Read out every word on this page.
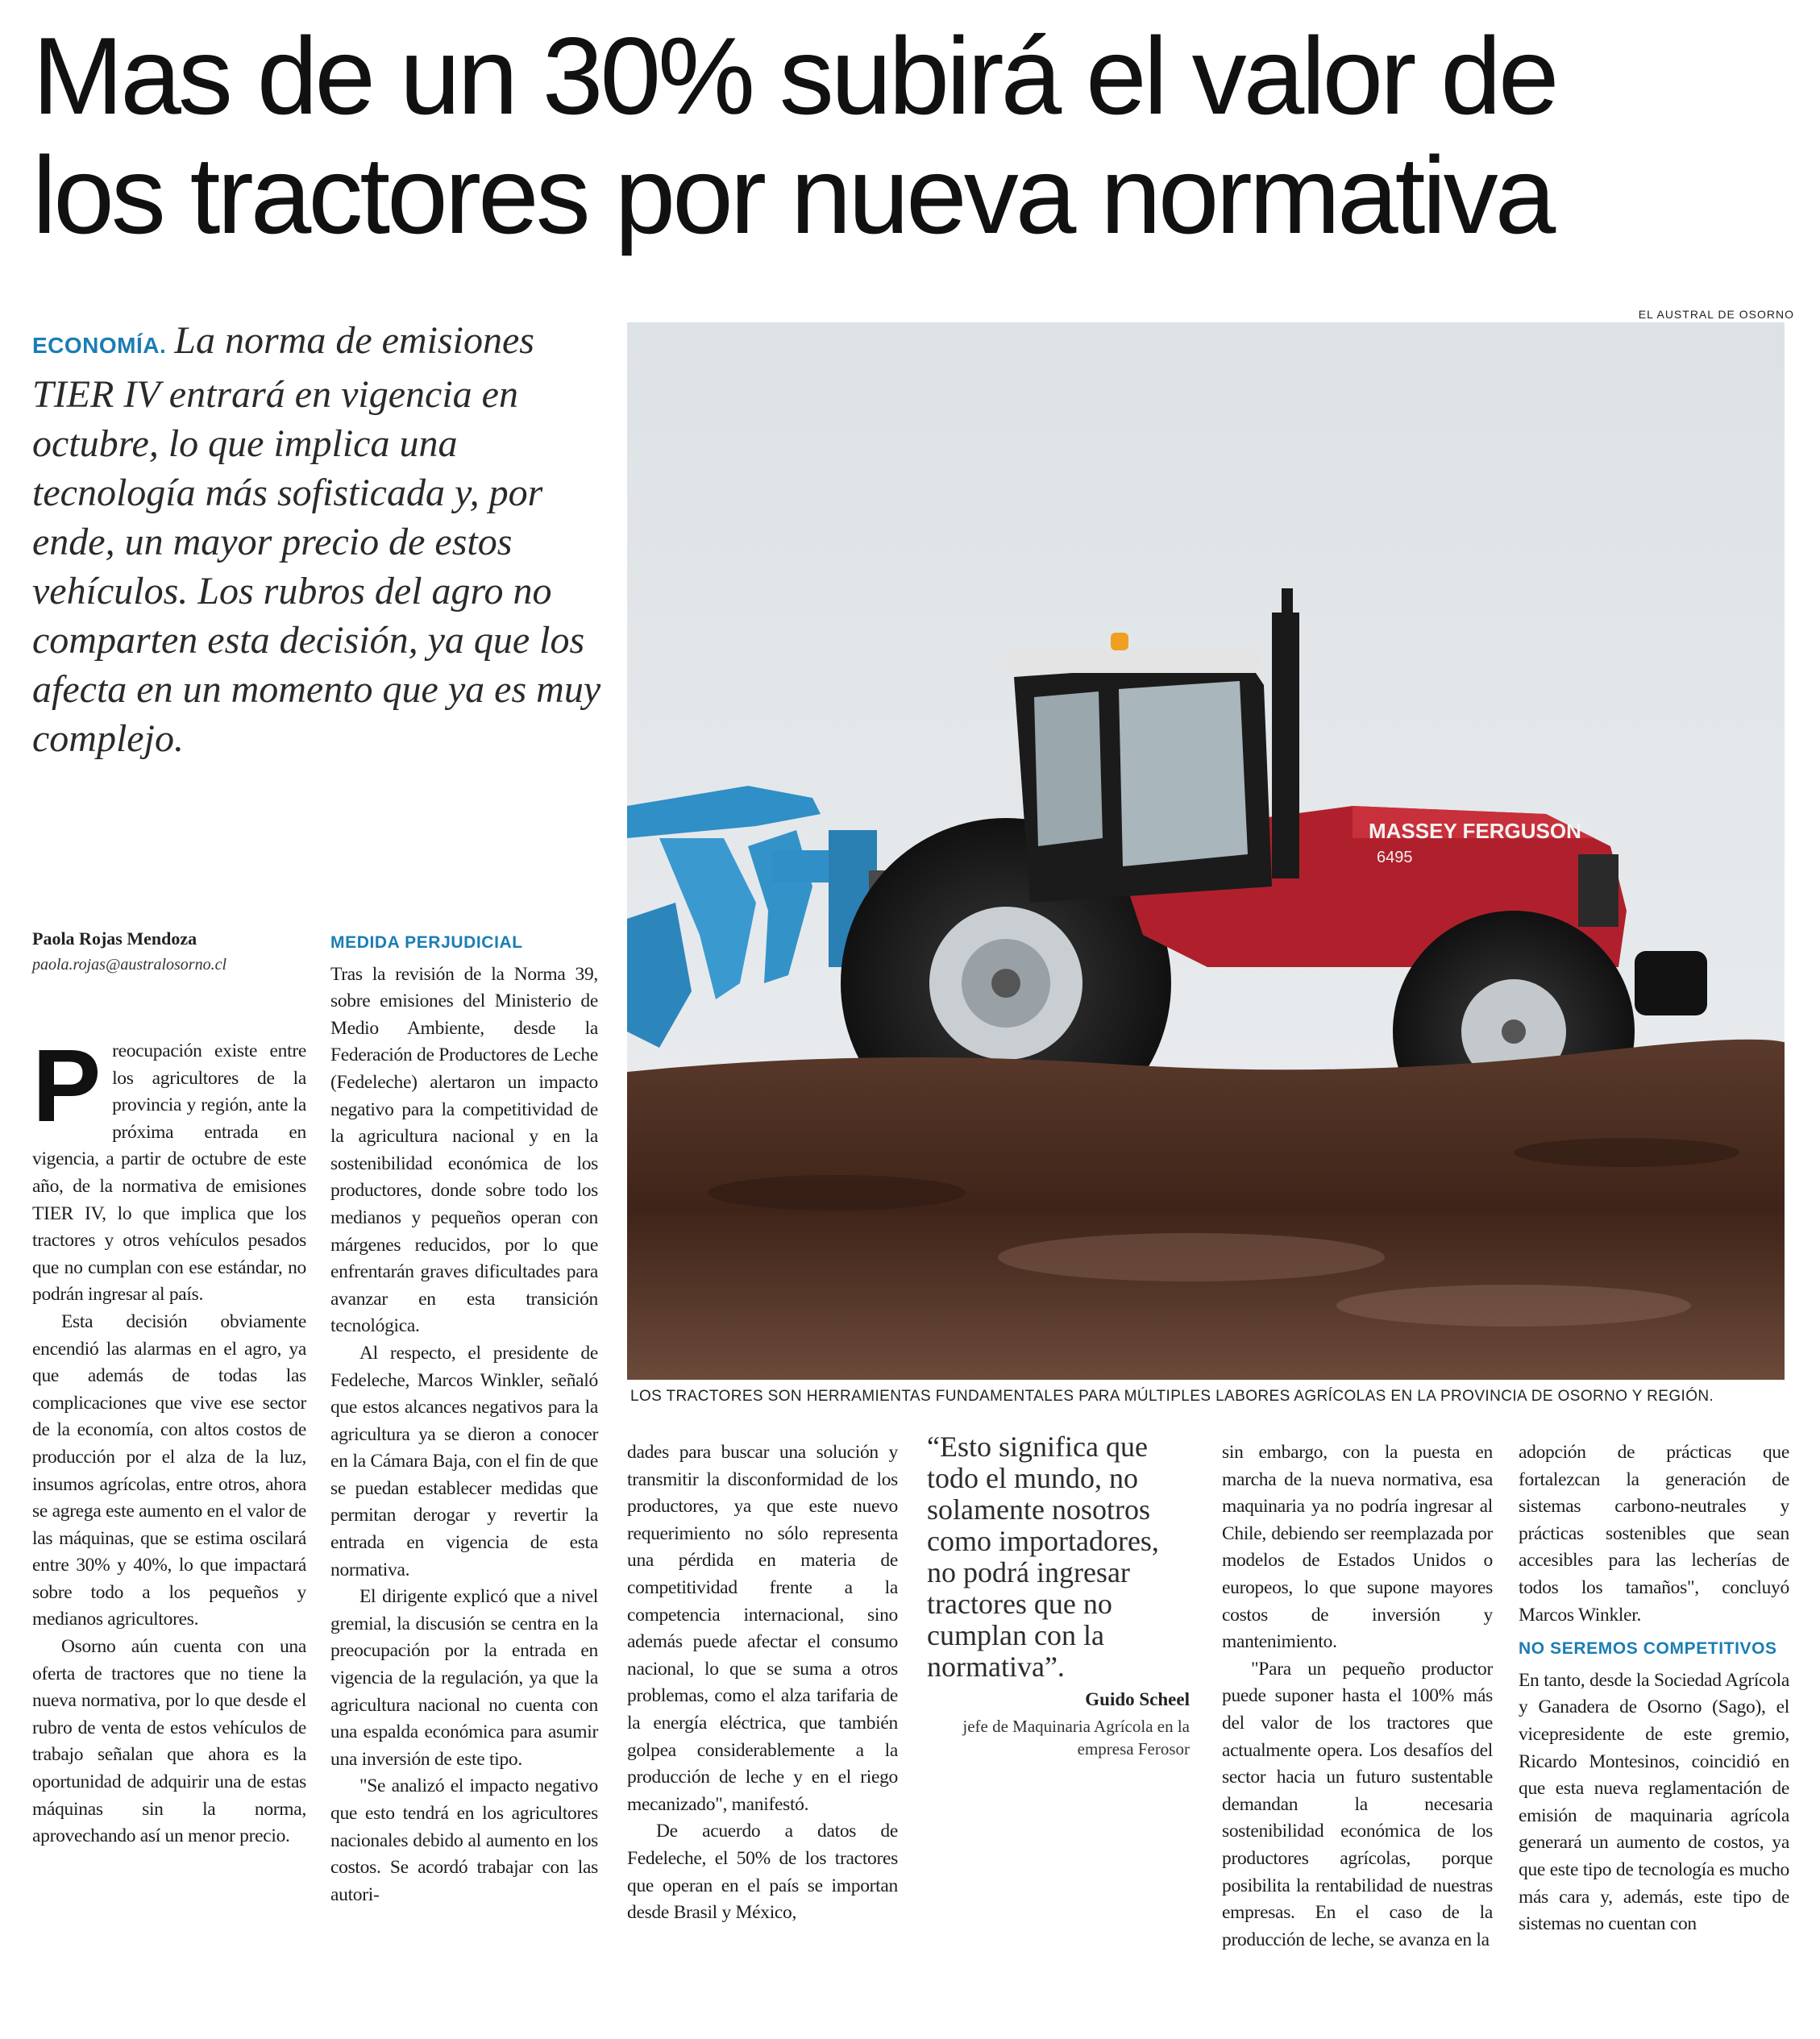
Mas de un 30% subirá el valor de
los tractores por nueva normativa
EL AUSTRAL DE OSORNO
ECONOMÍA. La norma de emisiones TIER IV entrará en vigencia en octubre, lo que implica una tecnología más sofisticada y, por ende, un mayor precio de estos vehículos. Los rubros del agro no comparten esta decisión, ya que los afecta en un momento que ya es muy complejo.
MASSEY FERGUSON
6495
LOS TRACTORES SON HERRAMIENTAS FUNDAMENTALES PARA MÚLTIPLES LABORES AGRÍCOLAS EN LA PROVINCIA DE OSORNO Y REGIÓN.
Paola Rojas Mendoza
paola.rojas@australosorno.cl

Preocupación existe entre los agricultores de la provincia y región, ante la próxima entrada en vigencia, a partir de octubre de este año, de la normativa de emisiones TIER IV, lo que implica que los tractores y otros vehículos pesados que no cumplan con ese estándar, no podrán ingresar al país.

Esta decisión obviamente encendió las alarmas en el agro, ya que además de todas las complicaciones que vive ese sector de la economía, con altos costos de producción por el alza de la luz, insumos agrícolas, entre otros, ahora se agrega este aumento en el valor de las máquinas, que se estima oscilará entre 30% y 40%, lo que impactará sobre todo a los pequeños y medianos agricultores.

Osorno aún cuenta con una oferta de tractores que no tiene la nueva normativa, por lo que desde el rubro de venta de estos vehículos de trabajo señalan que ahora es la oportunidad de adquirir una de estas máquinas sin la norma, aprovechando así un menor precio.

MEDIDA PERJUDICIAL

Tras la revisión de la Norma 39, sobre emisiones del Ministerio de Medio Ambiente, desde la Federación de Productores de Leche (Fedeleche) alertaron un impacto negativo para la competitividad de la agricultura nacional y en la sostenibilidad económica de los productores, donde sobre todo los medianos y pequeños operan con márgenes reducidos, por lo que enfrentarán graves dificultades para avanzar en esta transición tecnológica.

Al respecto, el presidente de Fedeleche, Marcos Winkler, señaló que estos alcances negativos para la agricultura ya se dieron a conocer en la Cámara Baja, con el fin de que se puedan establecer medidas que permitan derogar y revertir la entrada en vigencia de esta normativa.

El dirigente explicó que a nivel gremial, la discusión se centra en la preocupación por la entrada en vigencia de la regulación, ya que la agricultura nacional no cuenta con una espalda económica para asumir una inversión de este tipo.

"Se analizó el impacto negativo que esto tendrá en los agricultores nacionales debido al aumento en los costos. Se acordó trabajar con las autori-

dades para buscar una solución y transmitir la disconformidad de los productores, ya que este nuevo requerimiento no sólo representa una pérdida en materia de competitividad frente a la competencia internacional, sino además puede afectar el consumo nacional, lo que se suma a otros problemas, como el alza tarifaria de la energía eléctrica, que también golpea considerablemente a la producción de leche y en el riego mecanizado", manifestó.

De acuerdo a datos de Fedeleche, el 50% de los tractores que operan en el país se importan desde Brasil y México,

“Esto significa que todo el mundo, no solamente nosotros como importadores, no podrá ingresar tractores que no cumplan con la normativa”.
Guido Scheel
jefe de Maquinaria Agrícola en la empresa Ferosor

sin embargo, con la puesta en marcha de la nueva normativa, esa maquinaria ya no podría ingresar al Chile, debiendo ser reemplazada por modelos de Estados Unidos o europeos, lo que supone mayores costos de inversión y mantenimiento.

"Para un pequeño productor puede suponer hasta el 100% más del valor de los tractores que actualmente opera. Los desafíos del sector hacia un futuro sustentable demandan la necesaria sostenibilidad económica de los productores agrícolas, porque posibilita la rentabilidad de nuestras empresas. En el caso de la producción de leche, se avanza en la

adopción de prácticas que fortalezcan la generación de sistemas carbono-neutrales y prácticas sostenibles que sean accesibles para las lecherías de todos los tamaños", concluyó Marcos Winkler.

NO SEREMOS COMPETITIVOS

En tanto, desde la Sociedad Agrícola y Ganadera de Osorno (Sago), el vicepresidente de este gremio, Ricardo Montesinos, coincidió en que esta nueva reglamentación de emisión de maquinaria agrícola generará un aumento de costos, ya que este tipo de tecnología es mucho más cara y, además, este tipo de sistemas no cuentan con
